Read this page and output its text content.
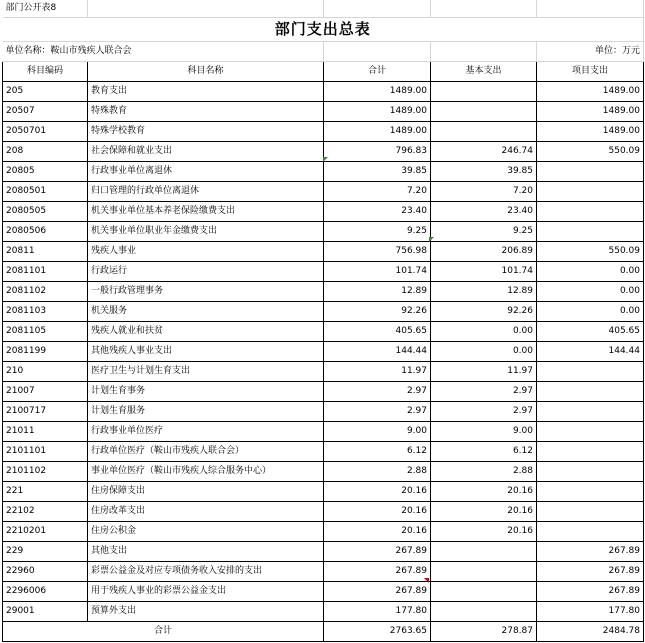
部门公开表8				
部门支出总表				
单位名称：鞍山市残疾人联合会				单位：万元
科目编码	科目名称	合计	基本支出	项目支出
205	教育支出	1489.00		1489.00
20507	特殊教育	1489.00		1489.00
2050701	特殊学校教育	1489.00		1489.00
208	社会保障和就业支出	796.83	246.74	550.09
20805	行政事业单位离退休	39.85	39.85	
2080501	归口管理的行政单位离退休	7.20	7.20	
2080505	机关事业单位基本养老保险缴费支出	23.40	23.40	
2080506	机关事业单位职业年金缴费支出	9.25	9.25	
20811	残疾人事业	756.98	206.89	550.09
2081101	行政运行	101.74	101.74	0.00
2081102	一般行政管理事务	12.89	12.89	0.00
2081103	机关服务	92.26	92.26	0.00
2081105	残疾人就业和扶贫	405.65	0.00	405.65
2081199	其他残疾人事业支出	144.44	0.00	144.44
210	医疗卫生与计划生育支出	11.97	11.97	
21007	计划生育事务	2.97	2.97	
2100717	计划生育服务	2.97	2.97	
21011	行政事业单位医疗	9.00	9.00	
2101101	行政单位医疗（鞍山市残疾人联合会）	6.12	6.12	
2101102	事业单位医疗（鞍山市残疾人综合服务中心）	2.88	2.88	
221	住房保障支出	20.16	20.16	
22102	住房改革支出	20.16	20.16	
2210201	住房公积金	20.16	20.16	
229	其他支出	267.89		267.89
22960	彩票公益金及对应专项债务收入安排的支出	267.89		267.89
2296006	用于残疾人事业的彩票公益金支出	267.89		267.89
29001	预算外支出	177.80		177.80
合计		2763.65	278.87	2484.78
